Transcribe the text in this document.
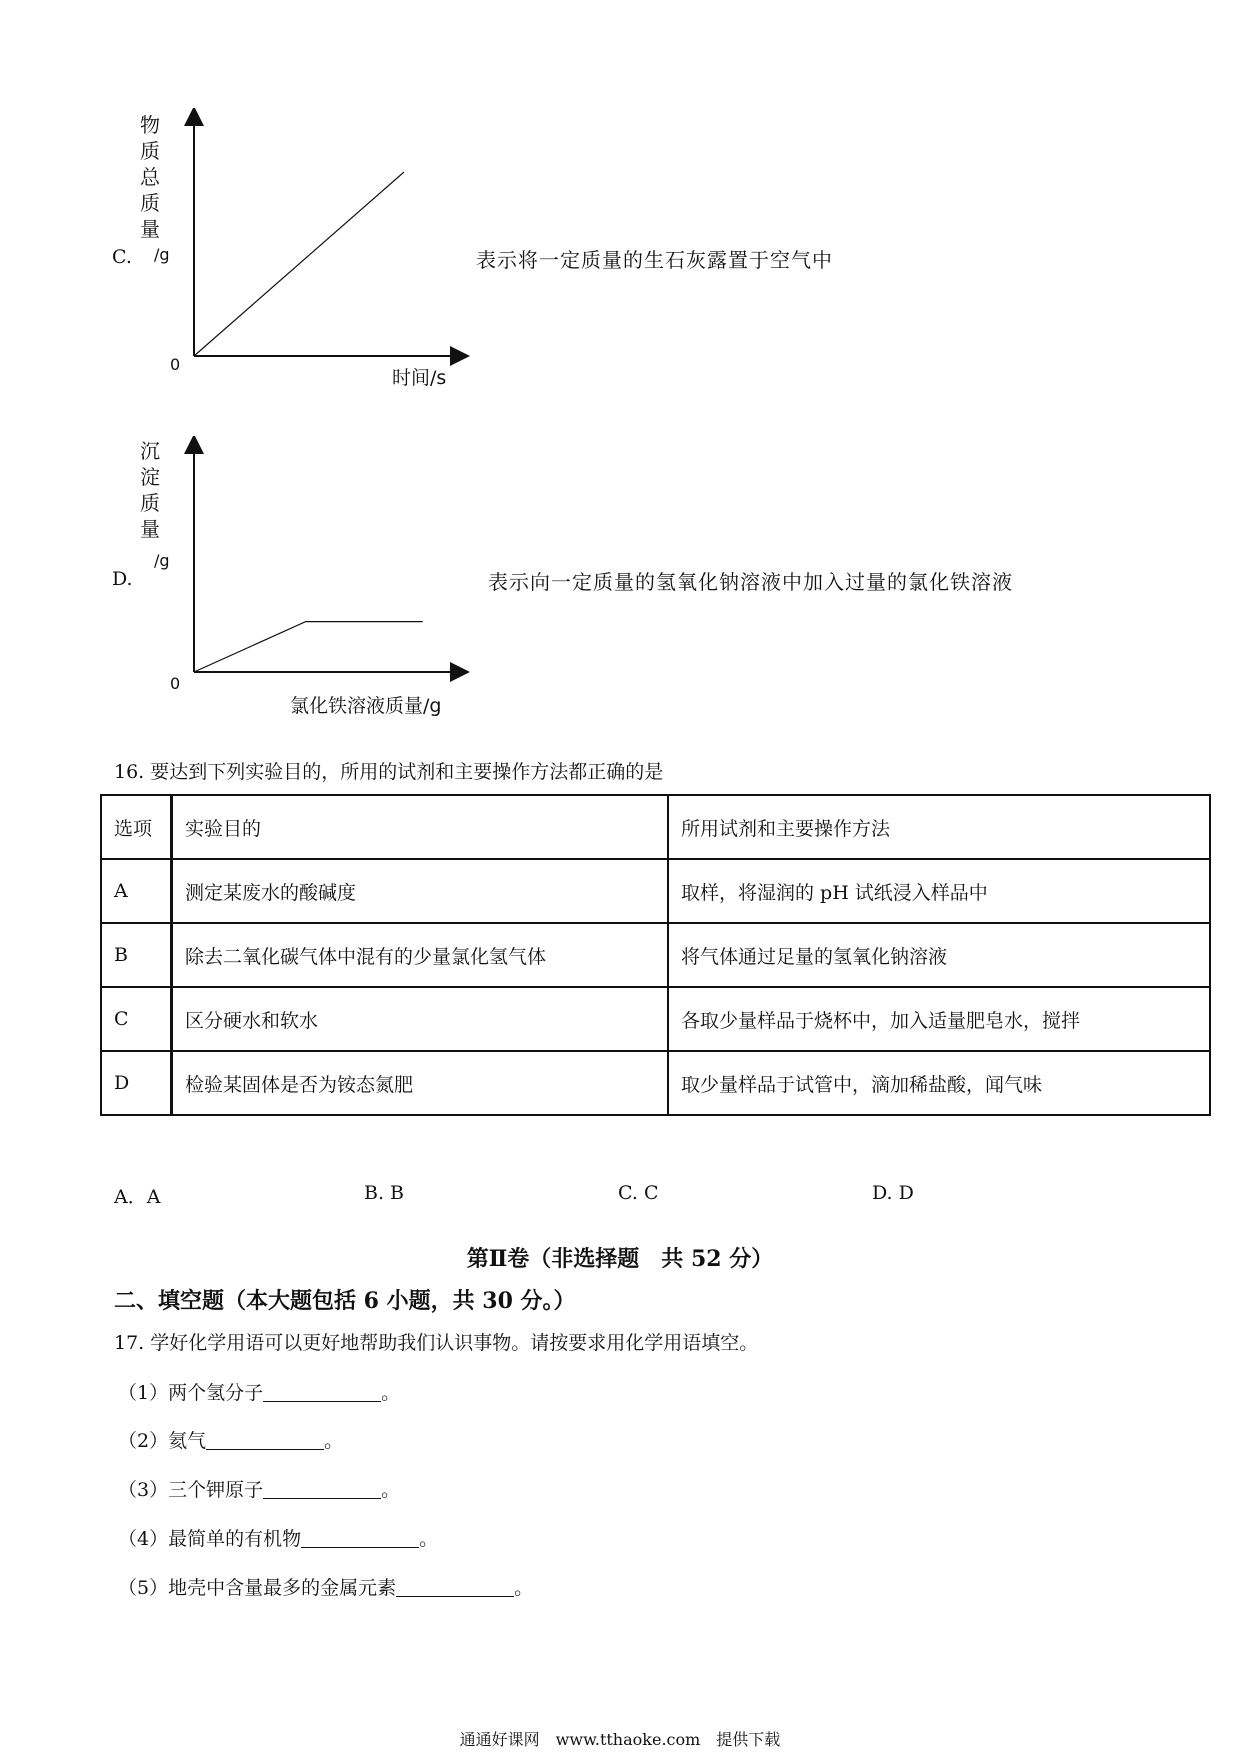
C.
物
质
总
质
量
/g
0
时间/s
表示将一定质量的生石灰露置于空气中
D.
沉
淀
质
量
/g
0
氯化铁溶液质量/g
表示向一定质量的氢氧化钠溶液中加入过量的氯化铁溶液
16. 要达到下列实验目的，所用的试剂和主要操作方法都正确的是
选项	实验目的	所用试剂和主要操作方法
A	测定某废水的酸碱度	取样，将湿润的 pH 试纸浸入样品中
B	除去二氧化碳气体中混有的少量氯化氢气体	将气体通过足量的氢氧化钠溶液
C	区分硬水和软水	各取少量样品于烧杯中，加入适量肥皂水，搅拌
D	检验某固体是否为铵态氮肥	取少量样品于试管中，滴加稀盐酸，闻气味
A．A	B. B	C. C	D. D
第Ⅱ卷（非选择题　共 52 分）
二、填空题（本大题包括 6 小题，共 30 分。）
17. 学好化学用语可以更好地帮助我们认识事物。请按要求用化学用语填空。
（1）两个氢分子	。
（2）氦气	。
（3）三个钾原子	。
（4）最简单的有机物	。
（5）地壳中含量最多的金属元素	。
通通好课网　www.tthaoke.com　提供下载
